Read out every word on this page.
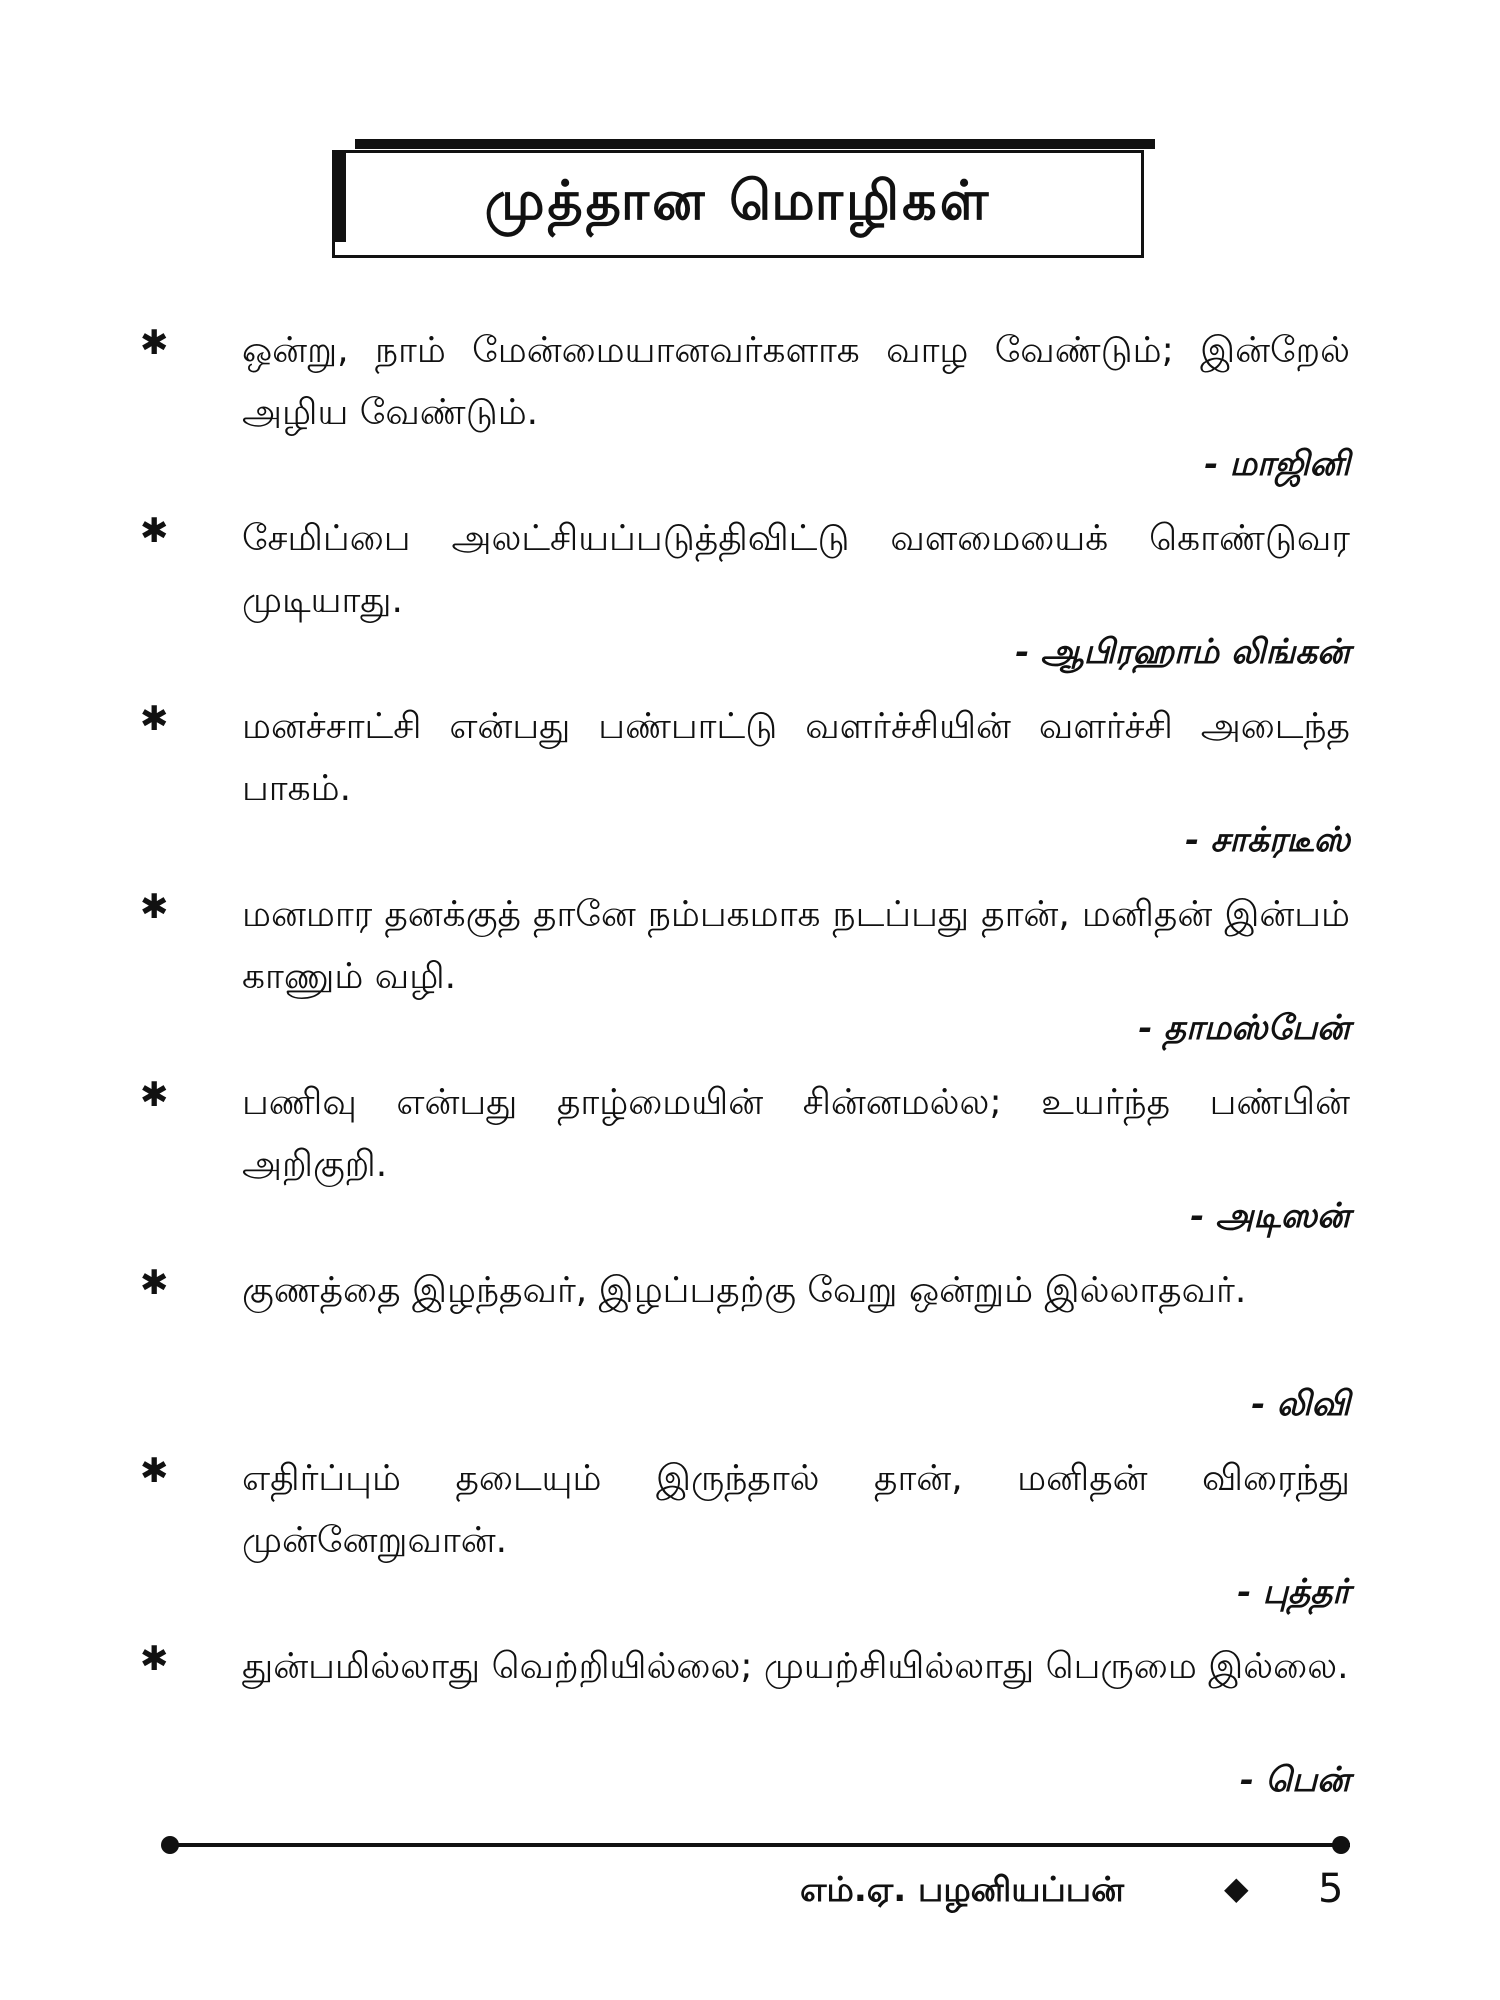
முத்தான மொழிகள்
✱ ஒன்று, நாம் மேன்மையானவர்களாக வாழ வேண்டும்; இன்றேல் அழிய வேண்டும்.
- மாஜினி
✱ சேமிப்பை அலட்சியப்படுத்திவிட்டு வளமையைக் கொண்டுவர முடியாது.
- ஆபிரஹாம் லிங்கன்
✱ மனச்சாட்சி என்பது பண்பாட்டு வளர்ச்சியின் வளர்ச்சி அடைந்த பாகம்.
- சாக்ரடீஸ்
✱ மனமார தனக்குத் தானே நம்பகமாக நடப்பது தான், மனிதன் இன்பம் காணும் வழி.
- தாமஸ்பேன்
✱ பணிவு என்பது தாழ்மையின் சின்னமல்ல; உயர்ந்த பண்பின் அறிகுறி.
- அடிஸன்
✱ குணத்தை இழந்தவர், இழப்பதற்கு வேறு ஒன்றும் இல்லாதவர்.
- லிவி
✱ எதிர்ப்பும் தடையும் இருந்தால் தான், மனிதன் விரைந்து முன்னேறுவான்.
- புத்தர்
✱ துன்பமில்லாது வெற்றியில்லை; முயற்சியில்லாது பெருமை இல்லை.
- பென்
எம்.ஏ. பழனியப்பன்	◆ 5
